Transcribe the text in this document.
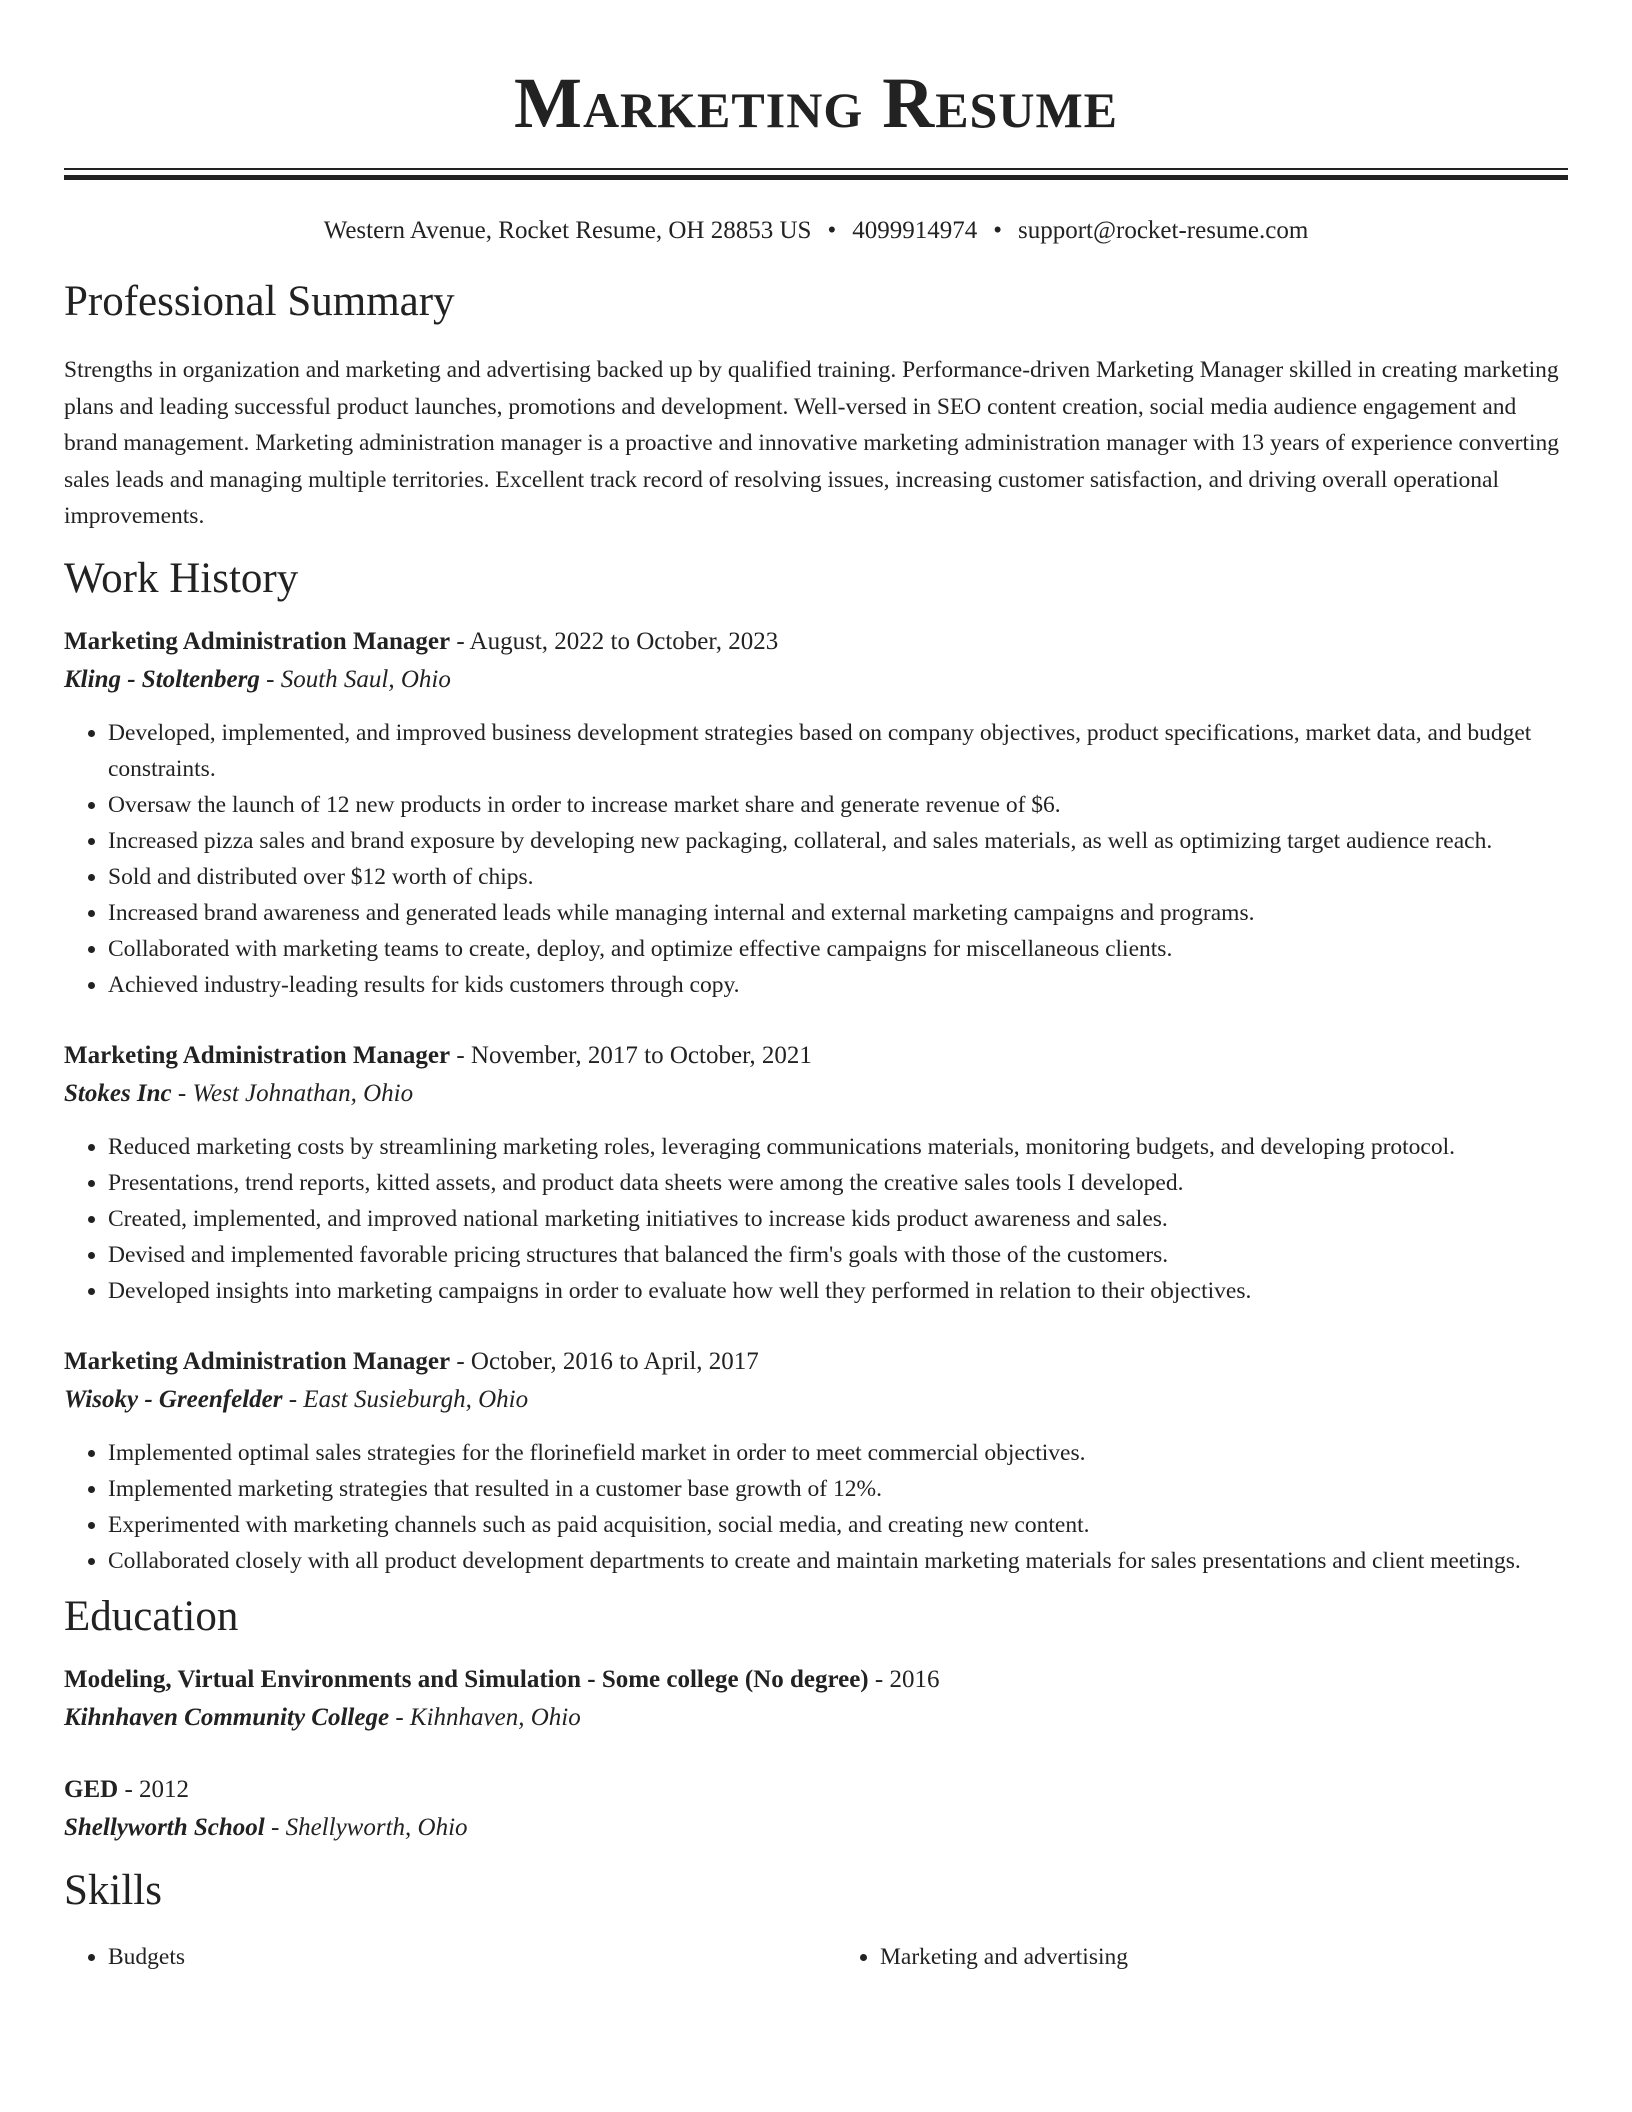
Marketing Resume
Western Avenue, Rocket Resume, OH 28853 US • 4099914974 • support@rocket-resume.com
Professional Summary

Strengths in organization and marketing and advertising backed up by qualified training. Performance-driven Marketing Manager skilled in creating marketing plans and leading successful product launches, promotions and development. Well-versed in SEO content creation, social media audience engagement and brand management. Marketing administration manager is a proactive and innovative marketing administration manager with 13 years of experience converting sales leads and managing multiple territories. Excellent track record of resolving issues, increasing customer satisfaction, and driving overall operational improvements.

Work History
Marketing Administration Manager - August, 2022 to October, 2023
Kling - Stoltenberg - South Saul, Ohio
• Developed, implemented, and improved business development strategies based on company objectives, product specifications, market data, and budget constraints.
• Oversaw the launch of 12 new products in order to increase market share and generate revenue of $6.
• Increased pizza sales and brand exposure by developing new packaging, collateral, and sales materials, as well as optimizing target audience reach.
• Sold and distributed over $12 worth of chips.
• Increased brand awareness and generated leads while managing internal and external marketing campaigns and programs.
• Collaborated with marketing teams to create, deploy, and optimize effective campaigns for miscellaneous clients.
• Achieved industry-leading results for kids customers through copy.
Marketing Administration Manager - November, 2017 to October, 2021
Stokes Inc - West Johnathan, Ohio
• Reduced marketing costs by streamlining marketing roles, leveraging communications materials, monitoring budgets, and developing protocol.
• Presentations, trend reports, kitted assets, and product data sheets were among the creative sales tools I developed.
• Created, implemented, and improved national marketing initiatives to increase kids product awareness and sales.
• Devised and implemented favorable pricing structures that balanced the firm's goals with those of the customers.
• Developed insights into marketing campaigns in order to evaluate how well they performed in relation to their objectives.
Marketing Administration Manager - October, 2016 to April, 2017
Wisoky - Greenfelder - East Susieburgh, Ohio
• Implemented optimal sales strategies for the florinefield market in order to meet commercial objectives.
• Implemented marketing strategies that resulted in a customer base growth of 12%.
• Experimented with marketing channels such as paid acquisition, social media, and creating new content.
• Collaborated closely with all product development departments to create and maintain marketing materials for sales presentations and client meetings.
Education
Modeling, Virtual Environments and Simulation - Some college (No degree) - 2016
Kihnhaven Community College - Kihnhaven, Ohio
GED - 2012
Shellyworth School - Shellyworth, Ohio
Skills
• Budgets
•	Marketing and advertising
